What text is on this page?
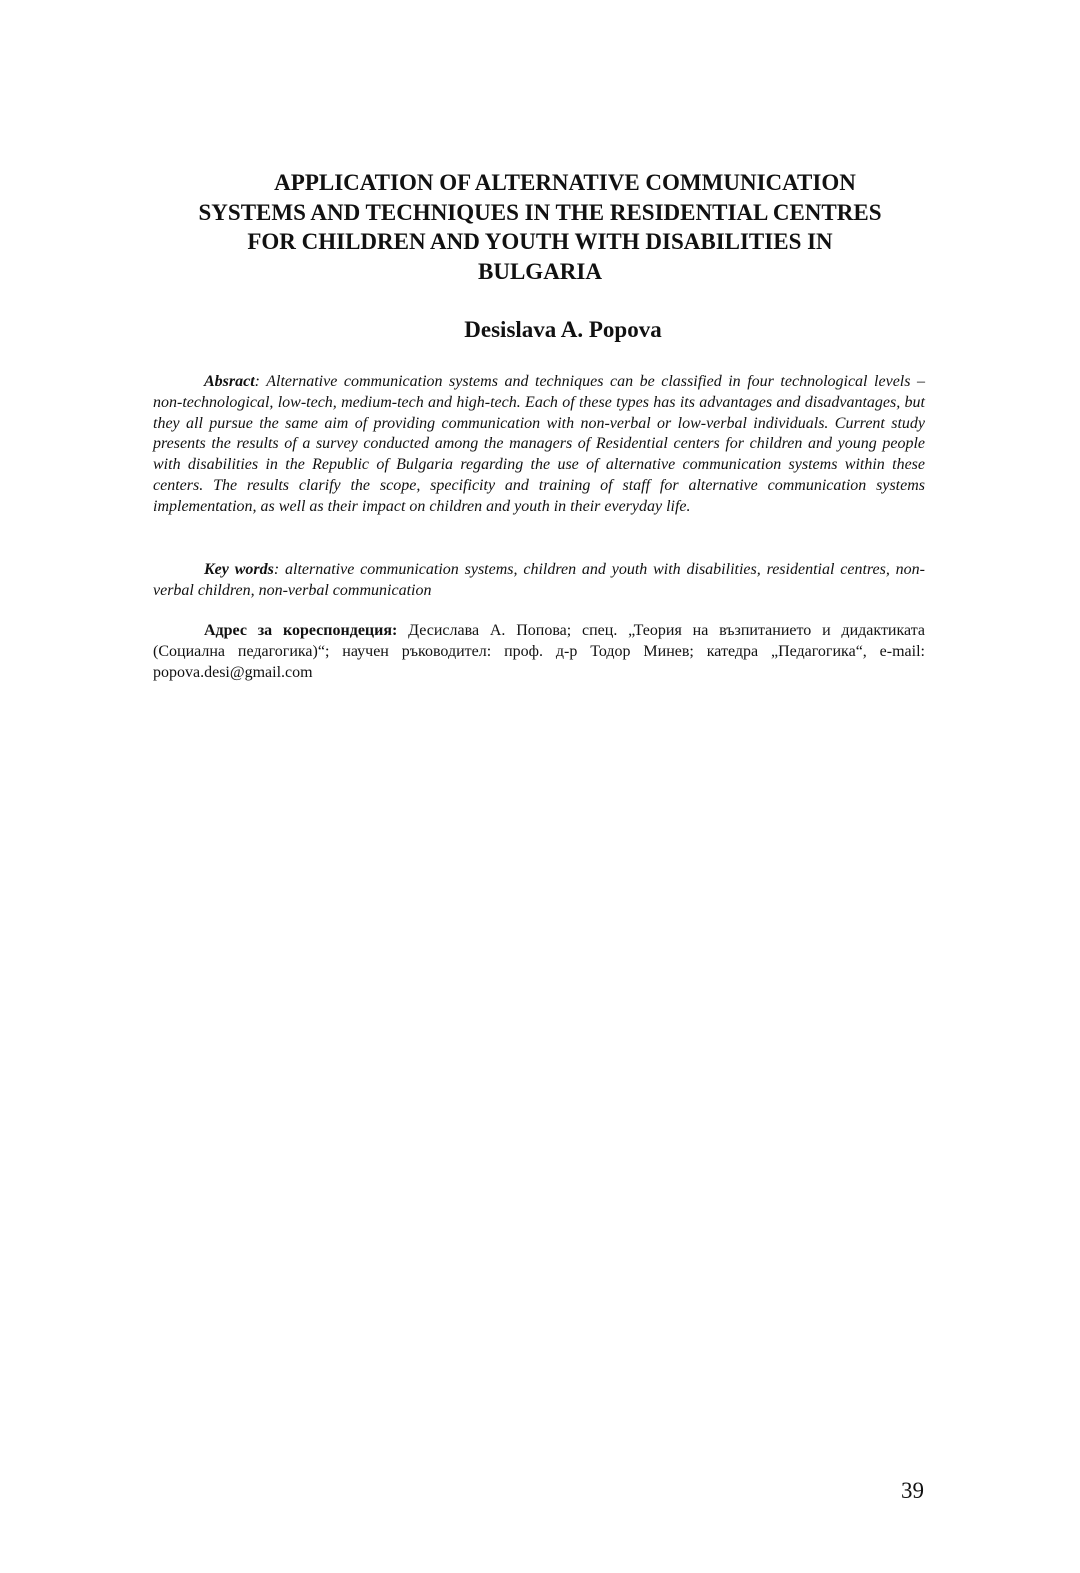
APPLICATION OF ALTERNATIVE COMMUNICATION
SYSTEMS AND TECHNIQUES IN THE RESIDENTIAL CENTRES
FOR CHILDREN AND YOUTH WITH DISABILITIES IN
BULGARIA
Desislava A. Popova

Absract: Alternative communication systems and techniques can be classified in four technological levels – non-technological, low-tech, medium-tech and high-tech. Each of these types has its advantages and disadvantages, but they all pursue the same aim of providing communication with non-verbal or low-verbal individuals. Current study presents the results of a survey conducted among the managers of Residential centers for children and young people with disabilities in the Republic of Bulgaria regarding the use of alternative communication systems within these centers. The results clarify the scope, specificity and training of staff for alternative communication systems implementation, as well as their impact on children and youth in their everyday life.

Key words: alternative communication systems, children and youth with disabilities, residential centres, non-verbal children, non-verbal communication

Адрес за кореспондеция: Десислава А. Попова; спец. „Теория на възпитанието и дидактиката (Социална педагогика)“; научен ръководител: проф. д-р Тодор Минев; катедра „Педагогика“, e-mail: popova.desi@gmail.com

39
